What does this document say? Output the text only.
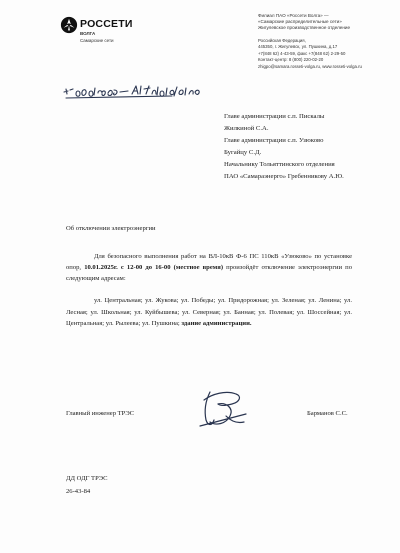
РОССЕТИ
ВОЛГА
Самарские сети
Филиал ПАО «Россети Волга» —
«Самарские распределительные сети»
Жигулевское производственное отделение
Российская Федерация,
445350, г. Жигулевск, ул. Пушкина, д.17
+7(848 62) 4-43-59, факс +7(848 62) 2-29-50
Контакт-центр: 8 (800) 220-02-20
zhigpo@samara.rosseti-volga.ru, www.rosseti-volga.ru
Главе администрации с.п. Пискалы
Жилкиной С.А.
Главе администрации с.п. Узюково
Бугайцу С.Д.
Начальнику Тольяттинского отделения
ПАО «Самараэнерго» Гребенникову А.Ю.
Об отключении электроэнергии

Для безопасного выполнения работ на ВЛ-10кВ Ф-6 ПС 110кВ «Узюково» по установке опор, 10.01.2025г. с 12-00 до 16-00 (местное время) произойдёт отключение электроэнергии по следующим адресам:

ул. Центральная; ул. Жукова; ул. Победы; ул. Придорожная; ул. Зеленая; ул. Ленина; ул. Лесная; ул. Школьная; ул. Куйбышева; ул. Северная; ул. Банная; ул. Полевая; ул. Шоссейная; ул. Центральная; ул. Рылеева; ул. Пушкина; здание администрации.

Главный инженер ТРЭС	Барманов С.С.
ДД ОДГ ТРЭС
26-43-84
